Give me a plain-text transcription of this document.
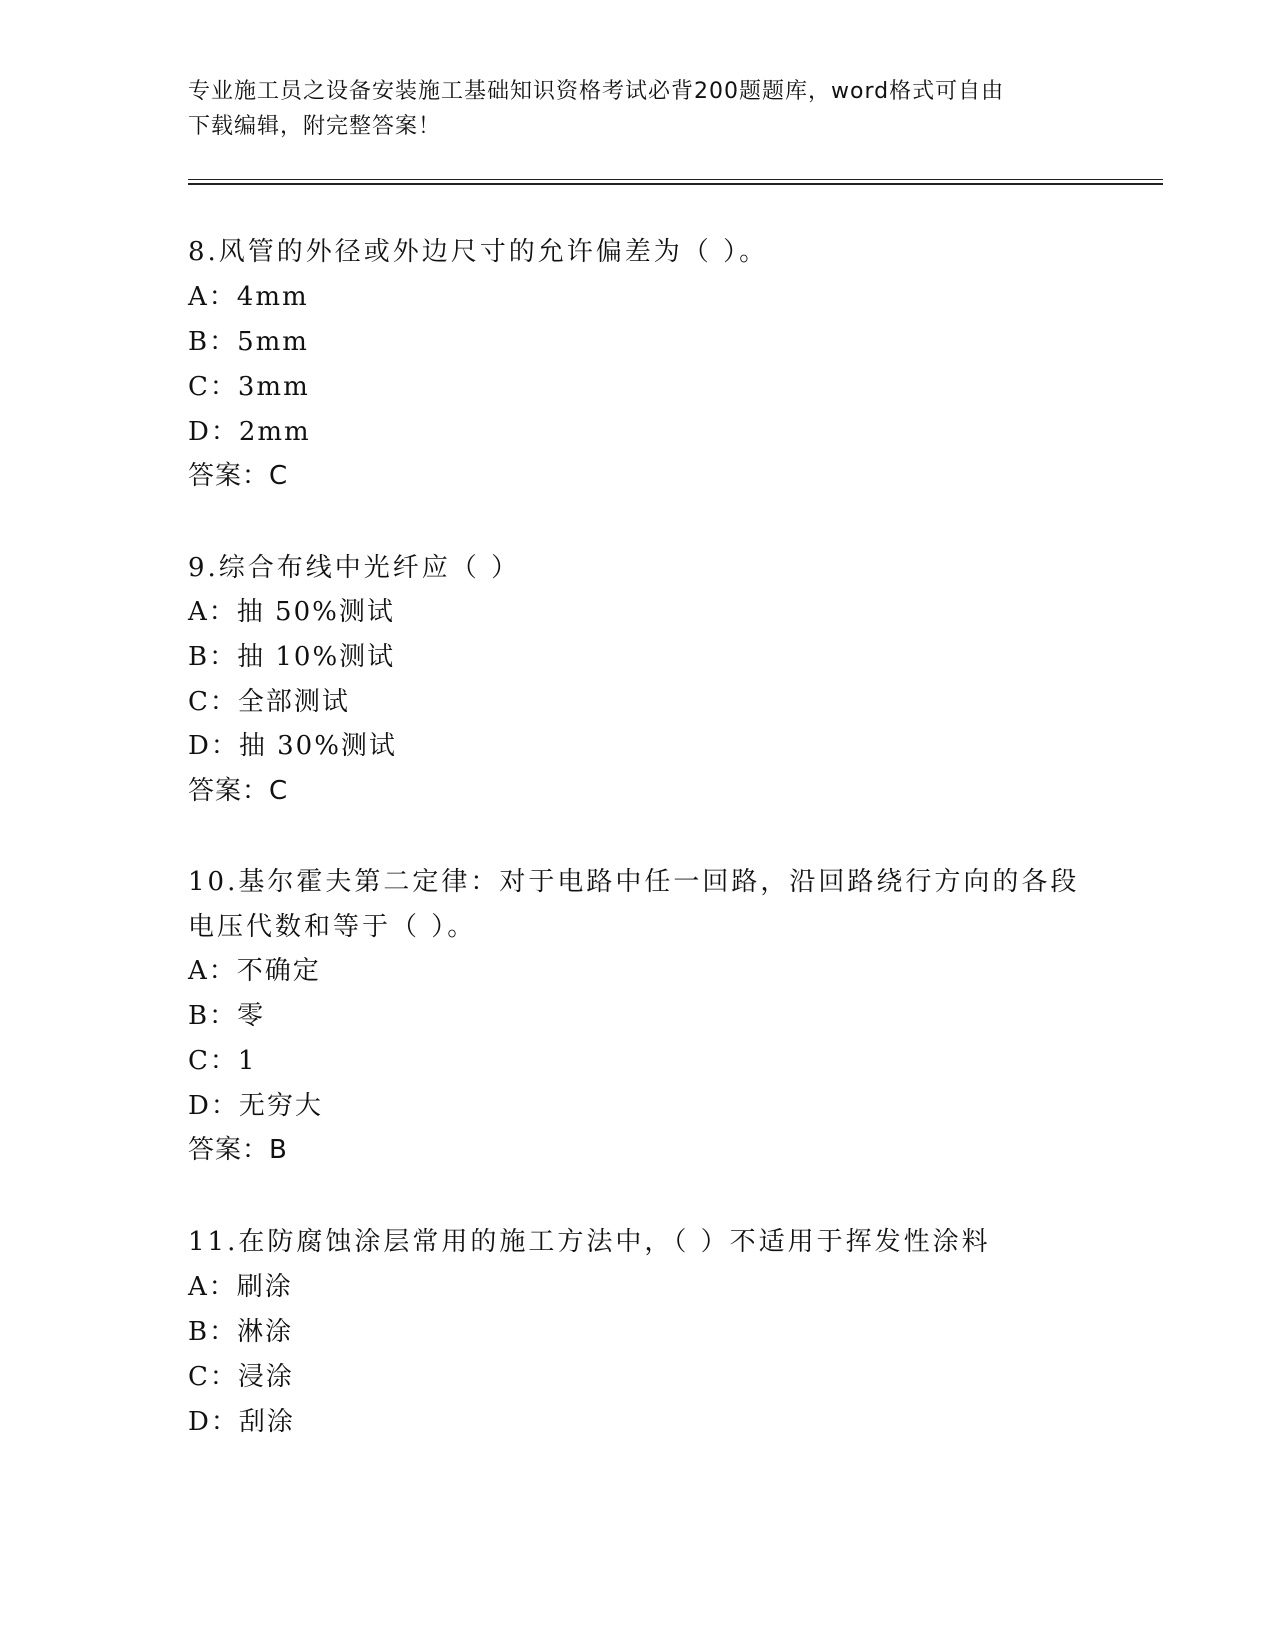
专业施工员之设备安装施工基础知识资格考试必背200题题库，word格式可自由
下载编辑，附完整答案！
8.风管的外径或外边尺寸的允许偏差为（ ）。
A：4mm
B：5mm
C：3mm
D：2mm
答案：C
9.综合布线中光纤应（ ）
A：抽 50%测试
B：抽 10%测试
C：全部测试
D：抽 30%测试
答案：C
10.基尔霍夫第二定律：对于电路中任一回路，沿回路绕行方向的各段
电压代数和等于（ ）。
A：不确定
B：零
C：1
D：无穷大
答案：B
11.在防腐蚀涂层常用的施工方法中，（ ）不适用于挥发性涂料
A：刷涂
B：淋涂
C：浸涂
D：刮涂
